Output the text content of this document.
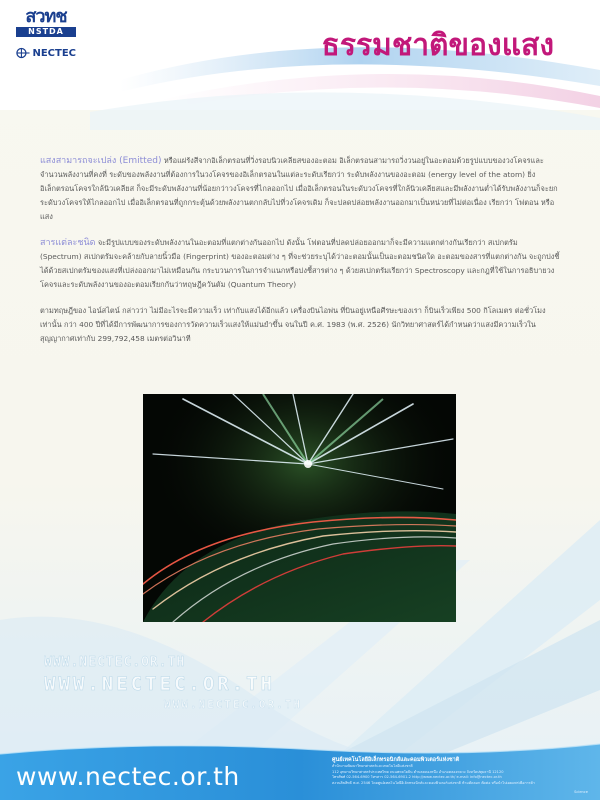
สวทช
NSTDA
NECTEC	ธรรมชาติของแสง

แสงสามารถจะเปล่ง (Emitted) หรือแผ่รังสีจากอิเล็กตรอนที่วิ่งรอบนิวเคลียสของอะตอม อิเล็กตรอนสามารถวิ่งวนอยู่ในอะตอมด้วยรูปแบบของวงโคจรและจำนวนพลังงานที่คงที่ ระดับของพลังงานที่ต้องการในวงโคจรของอิเล็กตรอนในแต่ละระดับเรียกว่า ระดับพลังงานของอะตอม (energy level of the atom) ยิ่งอิเล็กตรอนโคจรใกล้นิวเคลียส ก็จะมีระดับพลังงานที่น้อยกว่าวงโคจรที่ไกลออกไป เมื่ออิเล็กตรอนในระดับวงโคจรที่ใกล้นิวเคลียสและมีพลังงานต่ำได้รับพลังงานก็จะยกระดับวงโคจรให้ไกลออกไป เมื่ออิเล็กตรอนที่ถูกกระตุ้นด้วยพลังงานตกกลับไปที่วงโคจรเดิม ก็จะปลดปล่อยพลังงานออกมาเป็นหน่วยที่ไม่ต่อเนื่อง เรียกว่า โฟตอน หรือแสง

สารแต่ละชนิด จะมีรูปแบบของระดับพลังงานในอะตอมที่แตกต่างกันออกไป ดังนั้น โฟตอนที่ปลดปล่อยออกมาก็จะมีความแตกต่างกันเรียกว่า สเปกตรัม (Spectrum) สเปกตรัมจะคล้ายกับลายนิ้วมือ (Fingerprint) ของอะตอมต่าง ๆ ที่จะช่วยระบุได้ว่าอะตอมนั้นเป็นอะตอมชนิดใด อะตอมของสารที่แตกต่างกัน จะถูกบ่งชี้ได้ด้วยสเปกตรัมของแสงที่เปล่งออกมาไม่เหมือนกัน กระบวนการในการจำแนกหรือบ่งชี้สารต่าง ๆ ด้วยสเปกตรัมเรียกว่า Spectroscopy และกฎที่ใช้ในการอธิบายวงโคจรและระดับพลังงานของอะตอมเรียกกันว่าทฤษฎีควันตัม (Quantum Theory)

ตามทฤษฎีของ ไอน์สไตน์ กล่าวว่า ไม่มีอะไรจะมีความเร็ว เท่ากับแสงได้อีกแล้ว เครื่องบินไอพ่น ที่บินอยู่เหนือศีรษะของเรา ก็บินเร็วเพียง 500 กิโลเมตร ต่อชั่วโมงเท่านั้น กว่า 400 ปีที่ได้มีการพัฒนาการของการวัดความเร็วแสงให้แม่นยำขึ้น จนในปี ค.ศ. 1983 (พ.ศ. 2526) นักวิทยาศาสตร์ได้กำหนดว่าแสงมีความเร็วในสุญญากาศเท่ากับ 299,792,458 เมตรต่อวินาที

WWW.NECTEC.OR.TH
WWW.NECTEC.OR.TH
WWW.NECTEC.OR.TH
www.nectec.or.th
ศูนย์เทคโนโลยีอิเล็กทรอนิกส์และคอมพิวเตอร์แห่งชาติ
สำนักงานพัฒนาวิทยาศาสตร์และเทคโนโลยีแห่งชาติ
112 อุทยานวิทยาศาสตร์ประเทศไทย ถนนพหลโยธิน ตำบลคลองหนึ่ง อำเภอคลองหลวง จังหวัดปทุมธานี 12120
โทรศัพท์ 02-564-6900 โทรสาร 02-564-6901-2 http://www.nectec.or.th/ e-mail: info@nectec.or.th
สงวนลิขสิทธิ์ พ.ศ. 2546 โดยศูนย์เทคโนโลยีอิเล็กทรอนิกส์และคอมพิวเตอร์แห่งชาติ ห้ามคัดลอก ตัดต่อ หรือนำไปเผยแพร่เพื่อการค้า
Science
